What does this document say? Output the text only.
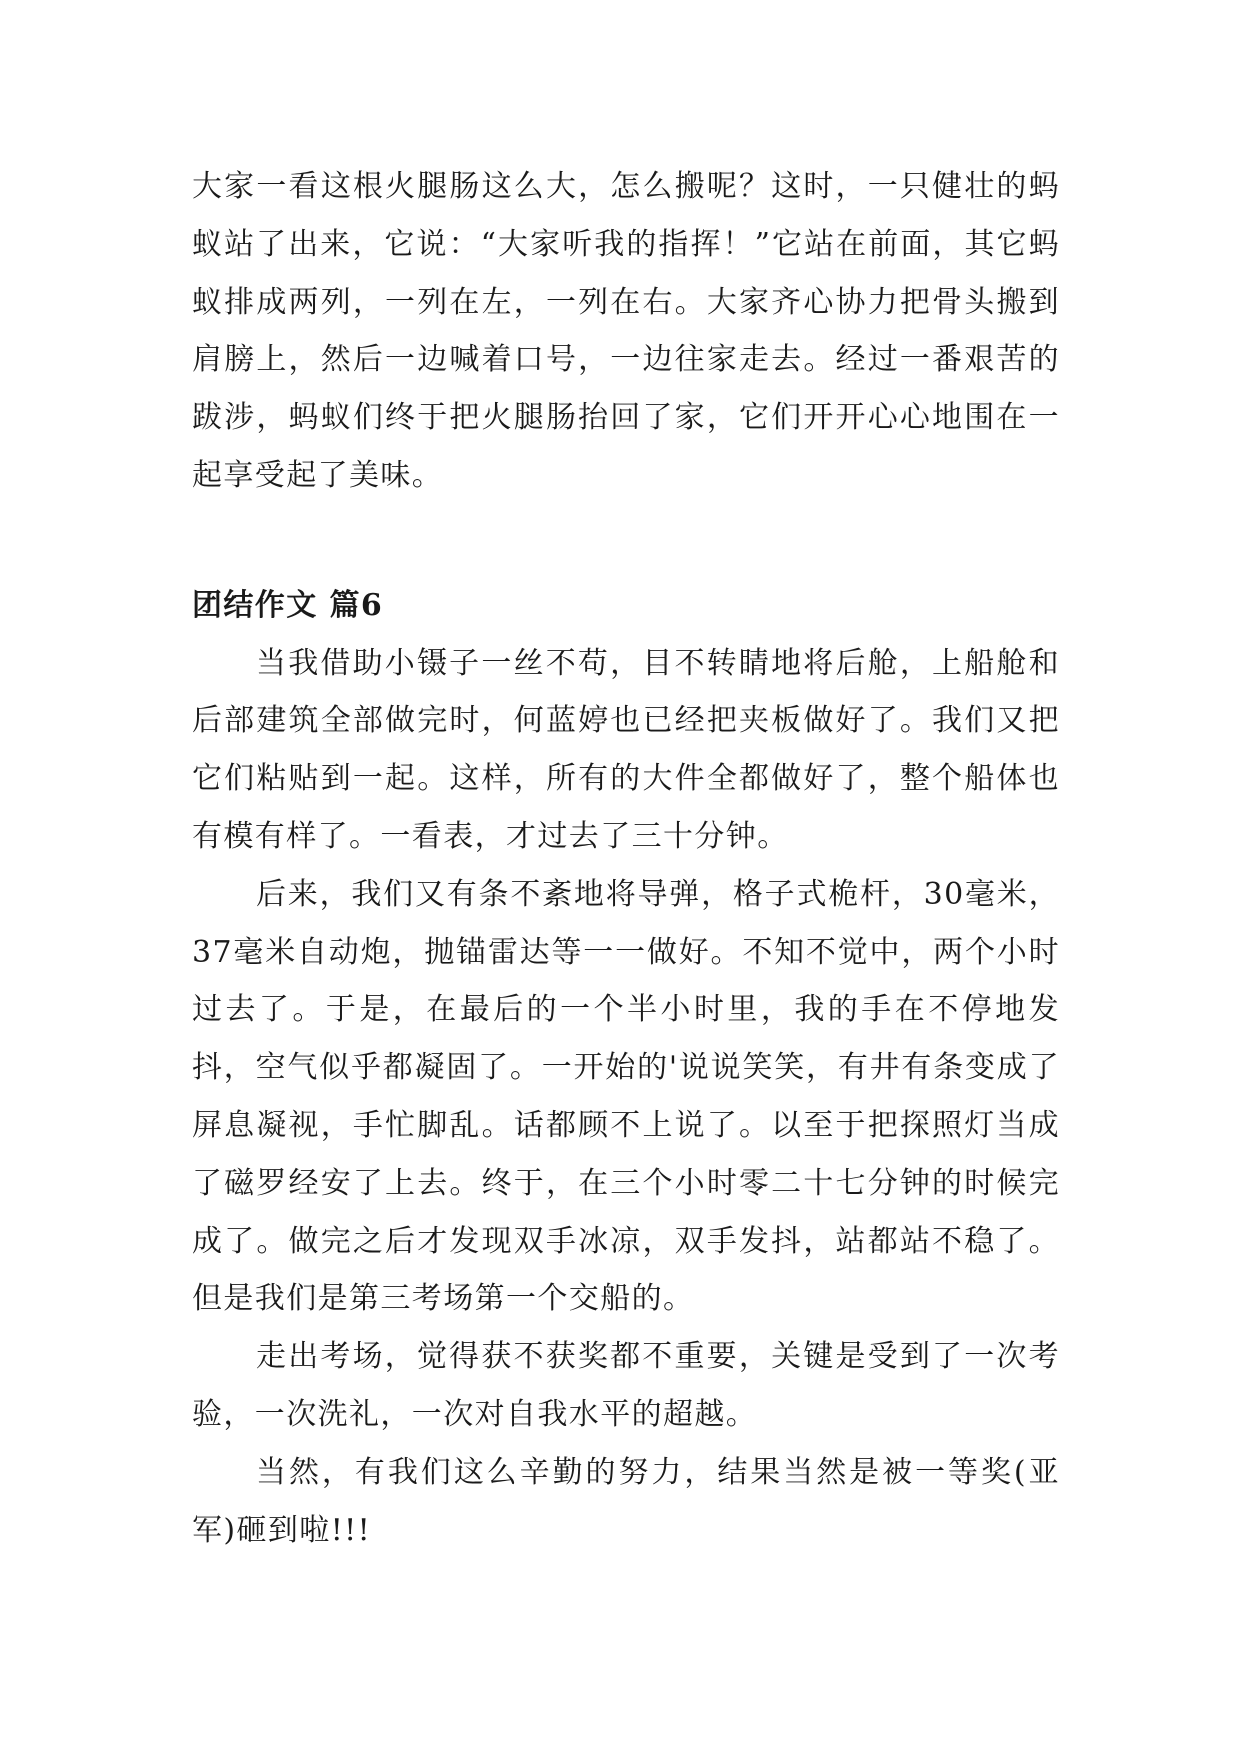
大家一看这根火腿肠这么大，怎么搬呢？这时，一只健壮的蚂蚁站了出来，它说：“大家听我的指挥！”它站在前面，其它蚂蚁排成两列，一列在左，一列在右。大家齐心协力把骨头搬到肩膀上，然后一边喊着口号，一边往家走去。经过一番艰苦的跋涉，蚂蚁们终于把火腿肠抬回了家，它们开开心心地围在一起享受起了美味。

团结作文 篇6

当我借助小镊子一丝不苟，目不转睛地将后舱，上船舱和后部建筑全部做完时，何蓝婷也已经把夹板做好了。我们又把它们粘贴到一起。这样，所有的大件全都做好了，整个船体也有模有样了。一看表，才过去了三十分钟。

后来，我们又有条不紊地将导弹，格子式桅杆，30毫米，37毫米自动炮，抛锚雷达等一一做好。不知不觉中，两个小时过去了。于是，在最后的一个半小时里，我的手在不停地发抖，空气似乎都凝固了。一开始的'说说笑笑，有井有条变成了屏息凝视，手忙脚乱。话都顾不上说了。以至于把探照灯当成了磁罗经安了上去。终于，在三个小时零二十七分钟的时候完成了。做完之后才发现双手冰凉，双手发抖，站都站不稳了。但是我们是第三考场第一个交船的。

走出考场，觉得获不获奖都不重要，关键是受到了一次考验，一次洗礼，一次对自我水平的超越。

当然，有我们这么辛勤的努力，结果当然是被一等奖(亚军)砸到啦!!!
